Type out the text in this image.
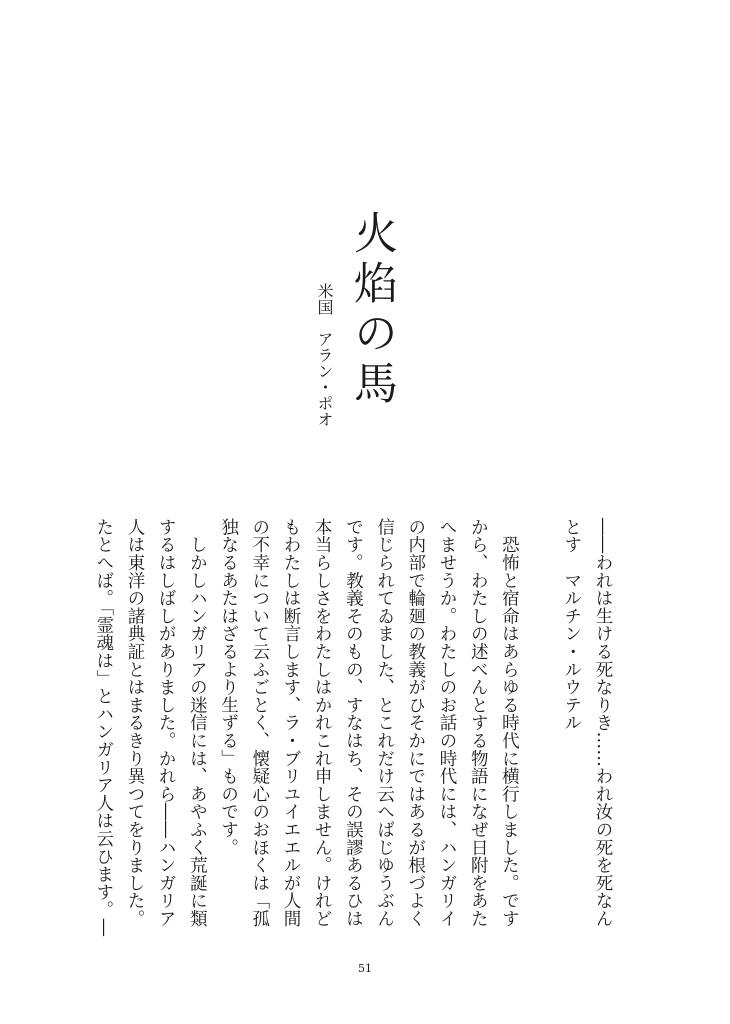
火焰の馬
米国　アラン・ポオ
――われは生ける死なりき……われ汝の死を死なん
とす　マルチン・ルウテル

　恐怖と宿命はあらゆる時代に横行しました。です
から、わたしの述べんとする物語になぜ日附をあた
へませうか。わたしのお話の時代には、ハンガリイ
の内部で輪廻の教義がひそかにではあるが根づよく
信じられてゐました、とこれだけ云へばじゆうぶん
です。教義そのもの、すなはち、その誤謬あるひは
本当らしさをわたしはかれこれ申しません。けれど
もわたしは断言します、ラ・ブリユイエエルが人間
の不幸について云ふごとく、懐疑心のおほくは「孤
独なるあたはざるより生ずる」ものです。
　しかしハンガリアの迷信には、あやふく荒誕に類
するはしばしがありました。かれら――ハンガリア
人は東洋の諸典証とはまるきり異つてをりました。
たとへば。「霊魂は」とハンガリア人は云ひます。―
51
